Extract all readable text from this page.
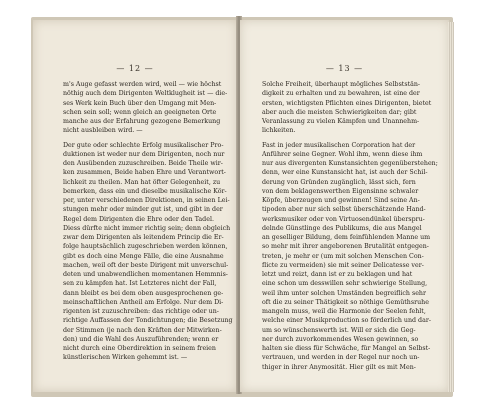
— 12 —
m's Auge gefasst werden wird, weil — wie höchst
nöthig auch dem Dirigenten Weltklugheit ist — die-
ses Werk kein Buch über den Umgang mit Men-
schen sein soll; wenn gleich an geeigneten Orte
manche aus der Erfahrung gezogene Bemerkung
nicht ausbleiben wird. —
Der gute oder schlechte Erfolg musikalischer Pro-
duktionen ist weder nur dem Dirigenten, noch nur
den Ausübenden zuzuschreiben. Beide Theile wir-
ken zusammen, Beide haben Ehre und Verantwort-
lichkeit zu theilen. Man hat öfter Gelegenheit, zu
bemerken, dass ein und dieselbe musikalische Kör-
per, unter verschiedenen Direktionen, in seinen Lei-
stungen mehr oder minder gut ist, und gibt in der
Regel dem Dirigenten die Ehre oder den Tadel.
Diess dürfte nicht immer richtig sein; denn obgleich
zwar dem Dirigenten als leitendem Princip die Er-
folge hauptsächlich zugeschrieben werden können,
gibt es doch eine Menge Fälle, die eine Ausnahme
machen, weil oft der beste Dirigent mit unverschul-
deten und unabwendlichen momentanen Hemmnis-
sen zu kämpfen hat. Ist Letzteres nicht der Fall,
dann bleibt es bei dem oben ausgesprochenen ge-
meinschaftlichen Antheil am Erfolge. Nur dem Di-
rigenten ist zuzuschreiben: das richtige oder un-
richtige Auffassen der Tondichtungen; die Besetzung
der Stimmen (je nach den Kräften der Mitwirken-
den) und die Wahl des Auszuführenden; wenn er
nicht durch eine Oberdirektion in seinem freien
künstlerischen Wirken gehemmt ist. —
— 13 —
Solche Freiheit, überhaupt mögliches Selbststän-
digkeit zu erhalten und zu bewahren, ist eine der
ersten, wichtigsten Pflichten eines Dirigenten, bietet
aber auch die meisten Schwierigkeiten dar; gibt
Veranlassung zu vielen Kämpfen und Unannehm-
lichkeiten.
Fast in jeder musikalischen Corporation hat der
Anführer seine Gegner. Wohl ihm, wenn diese ihm
nur aus divergenten Kunstansichten gegenüberstehen;
denn, wer eine Kunstansicht hat, ist auch der Schil-
derung von Gründen zugänglich, lässt sich, fern
von dem beklagenswerthen Eigensinne schwaler
Köpfe, überzeugen und gewinnen! Sind seine An-
tipoden aber nur sich selbst überschätzende Hand-
werksmusiker oder von Virtuosendünkel überspru-
delnde Günstlinge des Publikums, die aus Mangel
an geselliger Bildung, dem feinfühlenden Manne um
so mehr mit ihrer angeborenen Brutalität entgegen-
treten, je mehr er (um mit solchen Menschen Con-
flicte zu vermeiden) sie mit seiner Delicatesse ver-
letzt und reizt, dann ist er zu beklagen und hat
eine schon um desswillen sehr schwierige Stellung,
weil ihm unter solchen Umständen begreiflich sehr
oft die zu seiner Thätigkeit so nöthige Gemüthsruhe
mangeln muss, weil die Harmonie der Seelen fehlt,
welche einer Musikproduction so förderlich und dar-
um so wünschenswerth ist. Will er sich die Geg-
ner durch zuvorkommendes Wesen gewinnen, so
halten sie diess für Schwäche, für Mangel an Selbst-
vertrauen, und werden in der Regel nur noch un-
thiger in ihrer Anymosität. Hier gilt es mit Men-
